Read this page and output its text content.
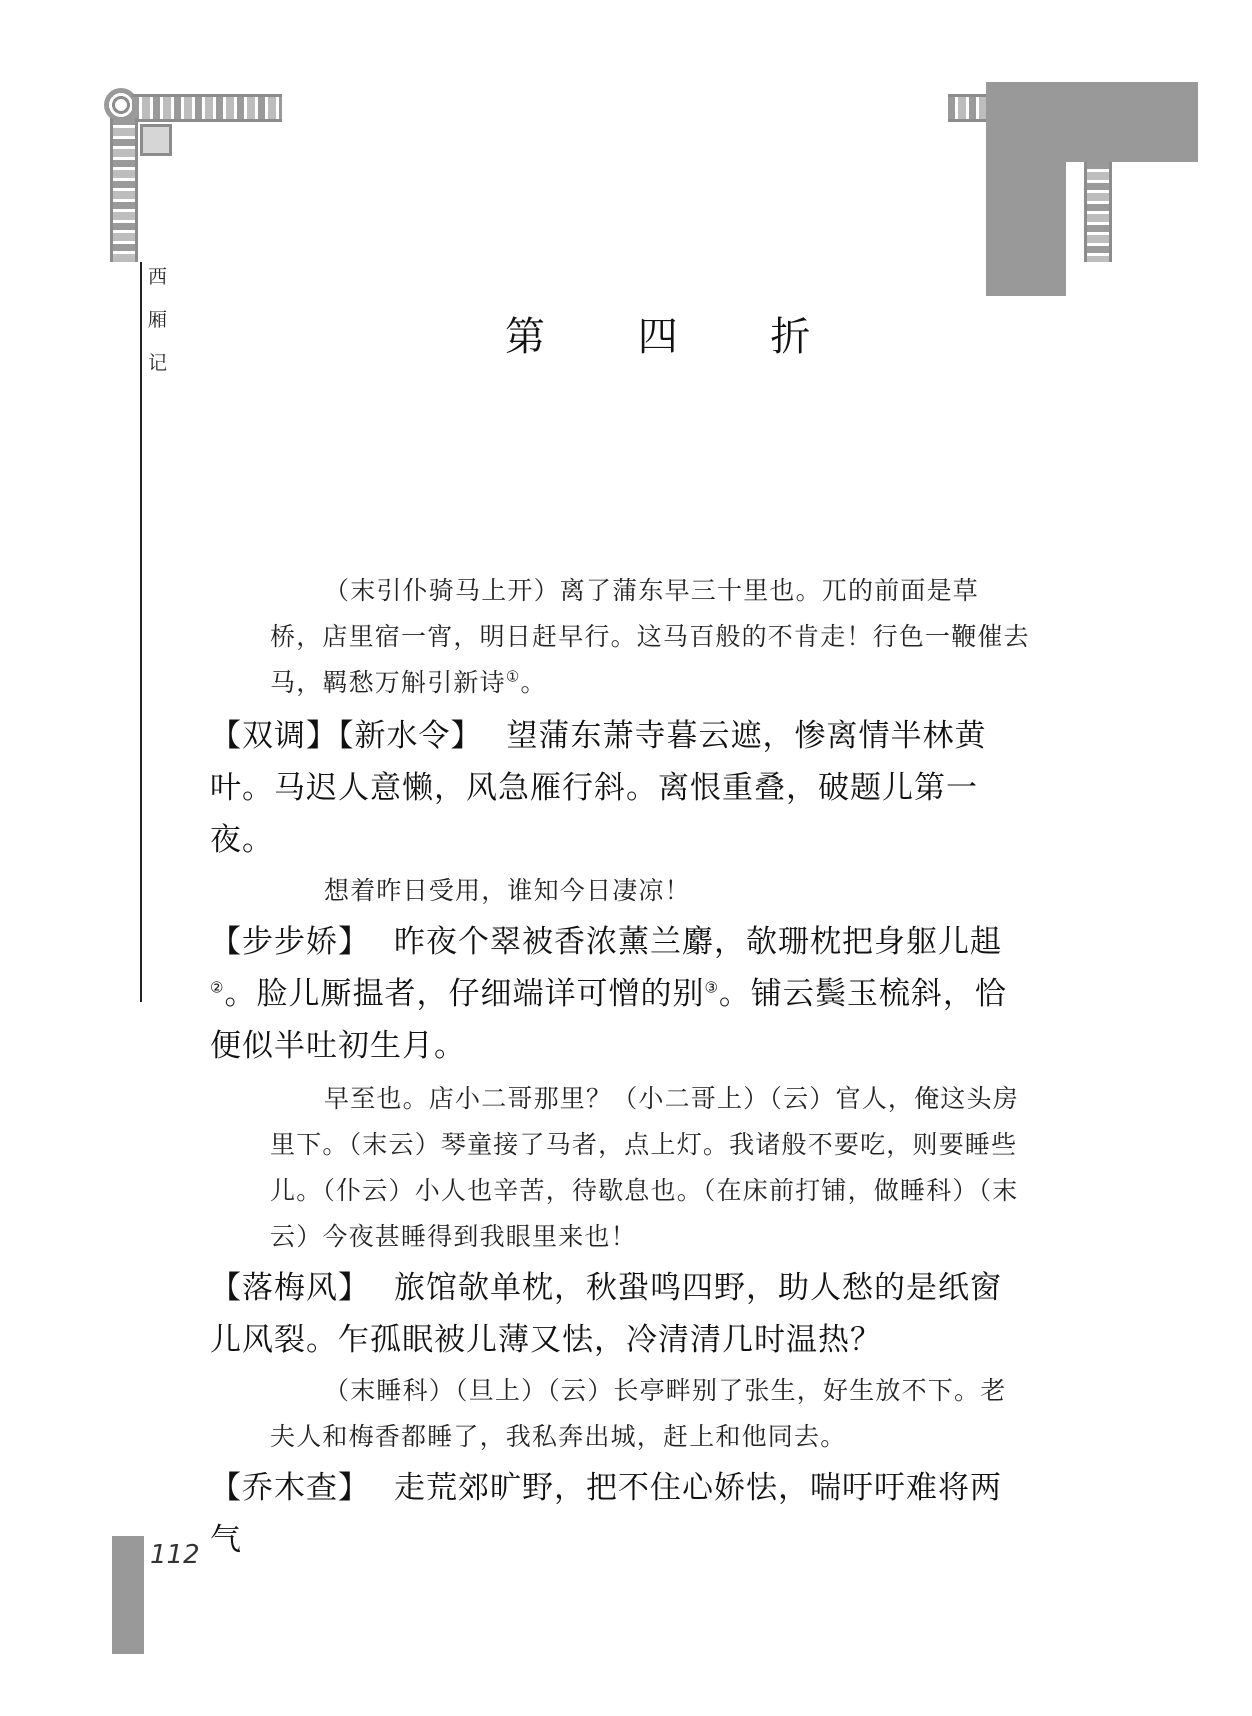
西
厢
记
第 四 折

（末引仆骑马上开）离了蒲东早三十里也。兀的前面是草桥，店里宿一宵，明日赶早行。这马百般的不肯走！行色一鞭催去马，羁愁万斛引新诗①。

【双调】【新水令】 望蒲东萧寺暮云遮，惨离情半林黄叶。马迟人意懒，风急雁行斜。离恨重叠，破题儿第一夜。

想着昨日受用，谁知今日凄凉！

【步步娇】 昨夜个翠被香浓薰兰麝，欹珊枕把身躯儿趄②。脸儿厮揾者，仔细端详可憎的别③。铺云鬓玉梳斜，恰便似半吐初生月。

早至也。店小二哥那里？（小二哥上）（云）官人，俺这头房里下。（末云）琴童接了马者，点上灯。我诸般不要吃，则要睡些儿。（仆云）小人也辛苦，待歇息也。（在床前打铺，做睡科）（末云）今夜甚睡得到我眼里来也！

【落梅风】 旅馆欹单枕，秋蛩鸣四野，助人愁的是纸窗儿风裂。乍孤眠被儿薄又怯，冷清清几时温热？

（末睡科）（旦上）（云）长亭畔别了张生，好生放不下。老夫人和梅香都睡了，我私奔出城，赶上和他同去。

【乔木查】 走荒郊旷野，把不住心娇怯，喘吁吁难将两气

112
